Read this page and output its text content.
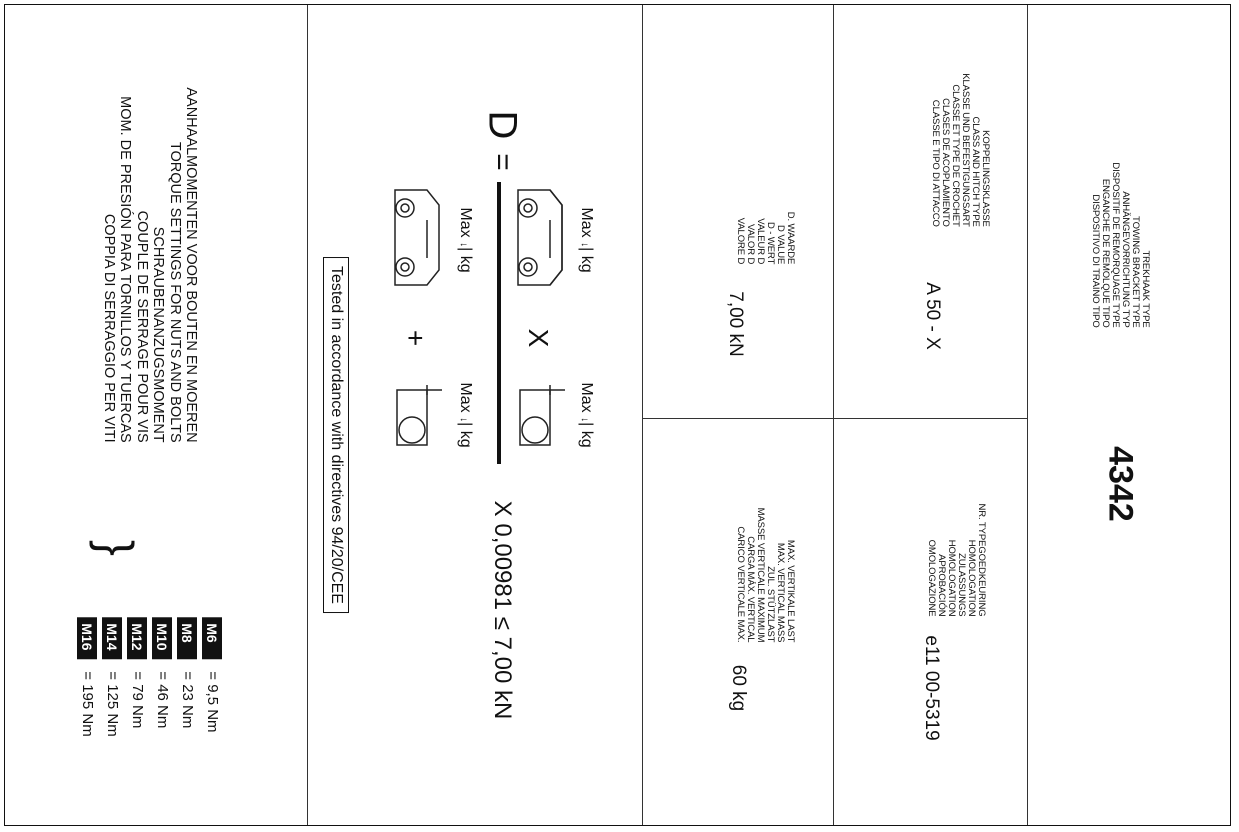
TREKHAAK TYPE
TOWING BRACKET TYPE
ANHÄNGEVORRICHTUNG TYP
DISPOSITIF DE REMORQUAGE TYPE
ENGANCHE DE REMOLQUE TIPO
DISPOSITIVO DI TRAINO TIPO
4342
KOPPELINGSKLASSE
CLASS AND HITCH TYPE
KLASSE UND BEFESTIGUNGSART
CLASSE ET TYPE DE CROCHET
CLASES DE ACOPLAMIENTO
CLASSE E TIPO DI ATTACCO
A 50 - X
NR. TYPEGOEDKEURING
HOMOLOGATION
ZULASSUNGS
HOMOLOGATION
APROBACIÓN
OMOLOGAZIONE
e11 00-5319
D. WAARDE
D VALUE
D - WERT
VALEUR D
VALOR D
VALORE D
7,00 kN
MAX. VERTIKALE LAST
MAX. VERTICAL MASS
ZUL. STÜTZLAST
MASSE VERTICALE MAXIMUM
CARGA MÁX. VERTICAL
CARICO VERTICALE MAX.
60 kg
D
=
Max ↓| kg
Max ↓| kg
Max ↓| kg
Max ↓| kg
X
+
X 0,00981 ≤ 7,00 kN
Tested in accordance with directives 94/20/CEE
AANHAALMOMENTEN VOOR BOUTEN EN MOEREN
TORQUE SETTINGS FOR NUTS AND BOLTS
SCHRAUBENANZUGSMOMENT
COUPLE DE SERRAGE POUR VIS
MOM. DE PRESIÓN PARA TORNILLOS Y TUERCAS
COPPIA DI SERRAGGIO PER VITI
}
M6
= 9,5 Nm
M8
= 23 Nm
M10
= 46 Nm
M12
= 79 Nm
M14
= 125 Nm
M16
= 195 Nm
